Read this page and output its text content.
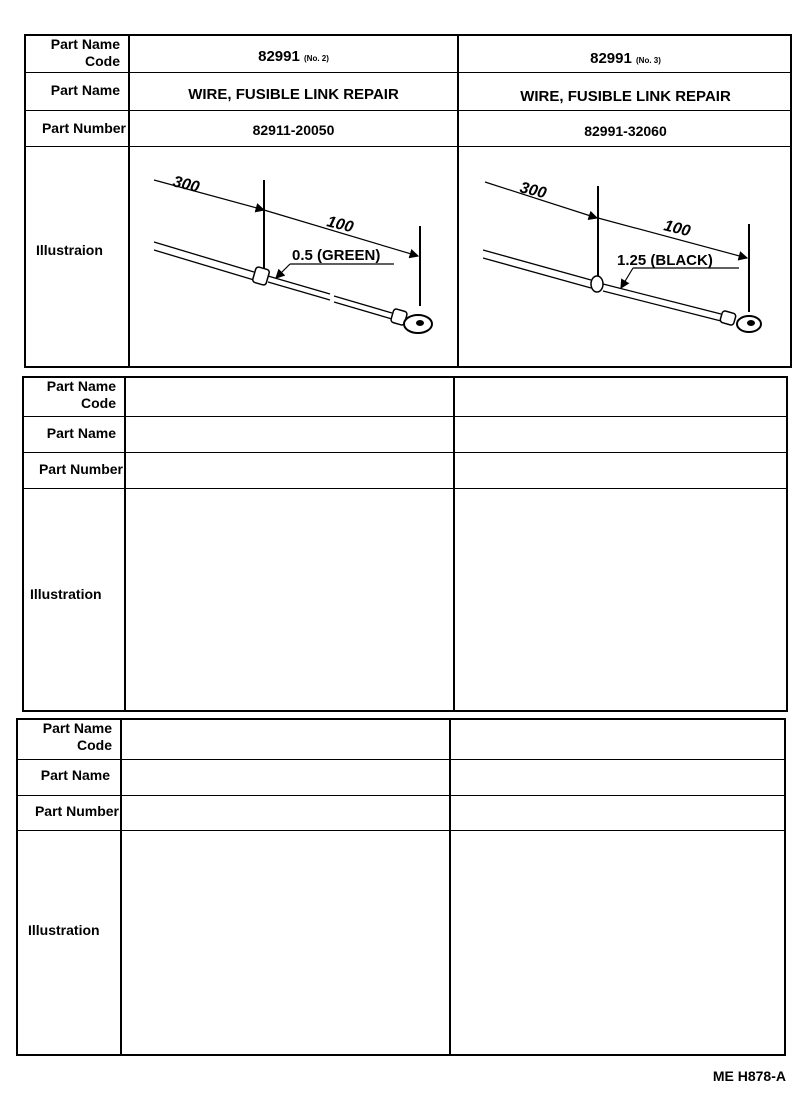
Part Name
Code
Part Name
Part Number
Illustraion
82991 (No. 2)
WIRE, FUSIBLE LINK REPAIR
82911-20050
82991 (No. 3)
WIRE, FUSIBLE LINK REPAIR
82991-32060
300
100
0.5 (GREEN)
300
100
1.25 (BLACK)
Part Name
Code
Part Name
Part Number
Illustration
Part Name
Code
Part Name
Part Number
Illustration
ME H878-A
